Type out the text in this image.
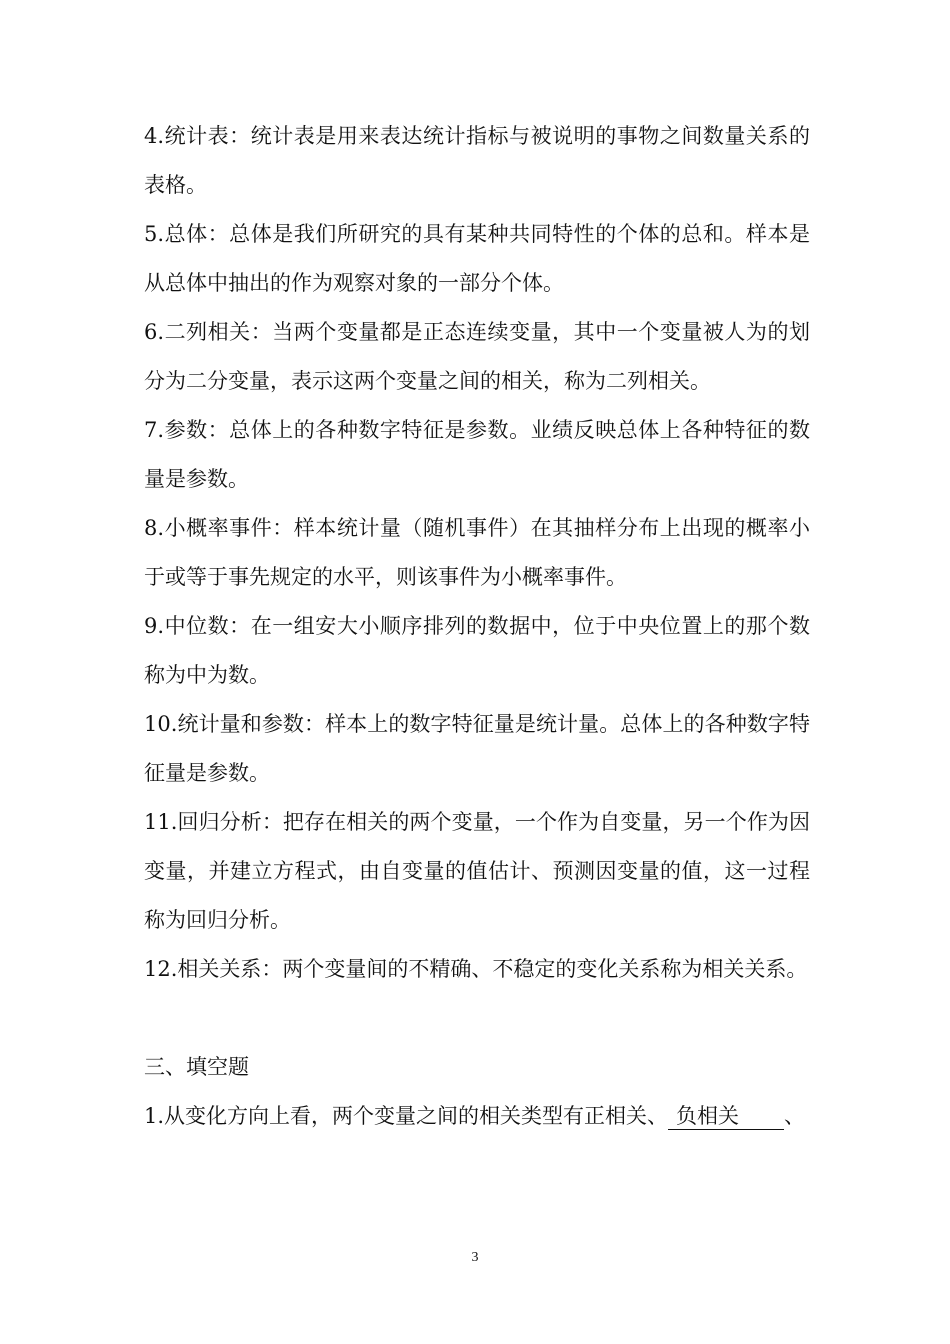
4.统计表：统计表是用来表达统计指标与被说明的事物之间数量关系的表格。

5.总体：总体是我们所研究的具有某种共同特性的个体的总和。样本是从总体中抽出的作为观察对象的一部分个体。

6.二列相关：当两个变量都是正态连续变量，其中一个变量被人为的划分为二分变量，表示这两个变量之间的相关，称为二列相关。

7.参数：总体上的各种数字特征是参数。业绩反映总体上各种特征的数量是参数。

8.小概率事件：样本统计量（随机事件）在其抽样分布上出现的概率小于或等于事先规定的水平，则该事件为小概率事件。

9.中位数：在一组安大小顺序排列的数据中，位于中央位置上的那个数称为中为数。

10.统计量和参数：样本上的数字特征量是统计量。总体上的各种数字特征量是参数。

11.回归分析：把存在相关的两个变量，一个作为自变量，另一个作为因变量，并建立方程式，由自变量的值估计、预测因变量的值，这一过程称为回归分析。

12.相关关系：两个变量间的不精确、不稳定的变化关系称为相关关系。

三、填空题

1.从变化方向上看，两个变量之间的相关类型有正相关、 负相关 、

3
